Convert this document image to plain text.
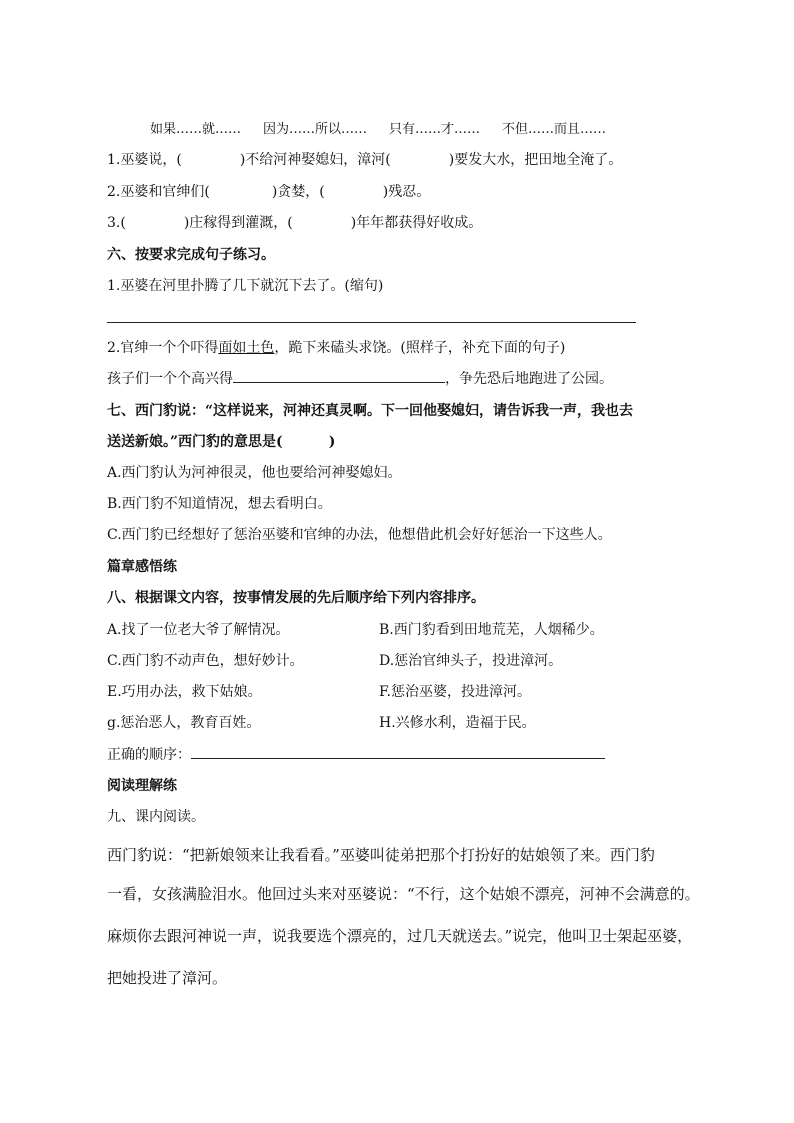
如果……就…… 因为……所以…… 只有……才…… 不但……而且……
1.巫婆说，(	)不给河神娶媳妇，漳河(	)要发大水，把田地全淹了。
2.巫婆和官绅们(	)贪婪，(	)残忍。
3.(	)庄稼得到灌溉，(	)年年都获得好收成。
六、按要求完成句子练习。
1.巫婆在河里扑腾了几下就沉下去了。(缩句)
2.官绅一个个吓得面如土色，跪下来磕头求饶。(照样子，补充下面的句子)
孩子们一个个高兴得	，争先恐后地跑进了公园。
七、西门豹说：“这样说来，河神还真灵啊。下一回他娶媳妇，请告诉我一声，我也去
送送新娘。”西门豹的意思是(	)
A.西门豹认为河神很灵，他也要给河神娶媳妇。
B.西门豹不知道情况，想去看明白。
C.西门豹已经想好了惩治巫婆和官绅的办法，他想借此机会好好惩治一下这些人。
篇章感悟练
八、根据课文内容，按事情发展的先后顺序给下列内容排序。
A.找了一位老大爷了解情况。	B.西门豹看到田地荒芜，人烟稀少。
C.西门豹不动声色，想好妙计。	D.惩治官绅头子，投进漳河。
E.巧用办法，救下姑娘。	F.惩治巫婆，投进漳河。
g.惩治恶人，教育百姓。	H.兴修水利，造福于民。
正确的顺序：
阅读理解练
九、课内阅读。
西门豹说：“把新娘领来让我看看。”巫婆叫徒弟把那个打扮好的姑娘领了来。西门豹
一看，女孩满脸泪水。他回过头来对巫婆说：“不行，这个姑娘不漂亮，河神不会满意的。
麻烦你去跟河神说一声，说我要选个漂亮的，过几天就送去。”说完，他叫卫士架起巫婆，
把她投进了漳河。
